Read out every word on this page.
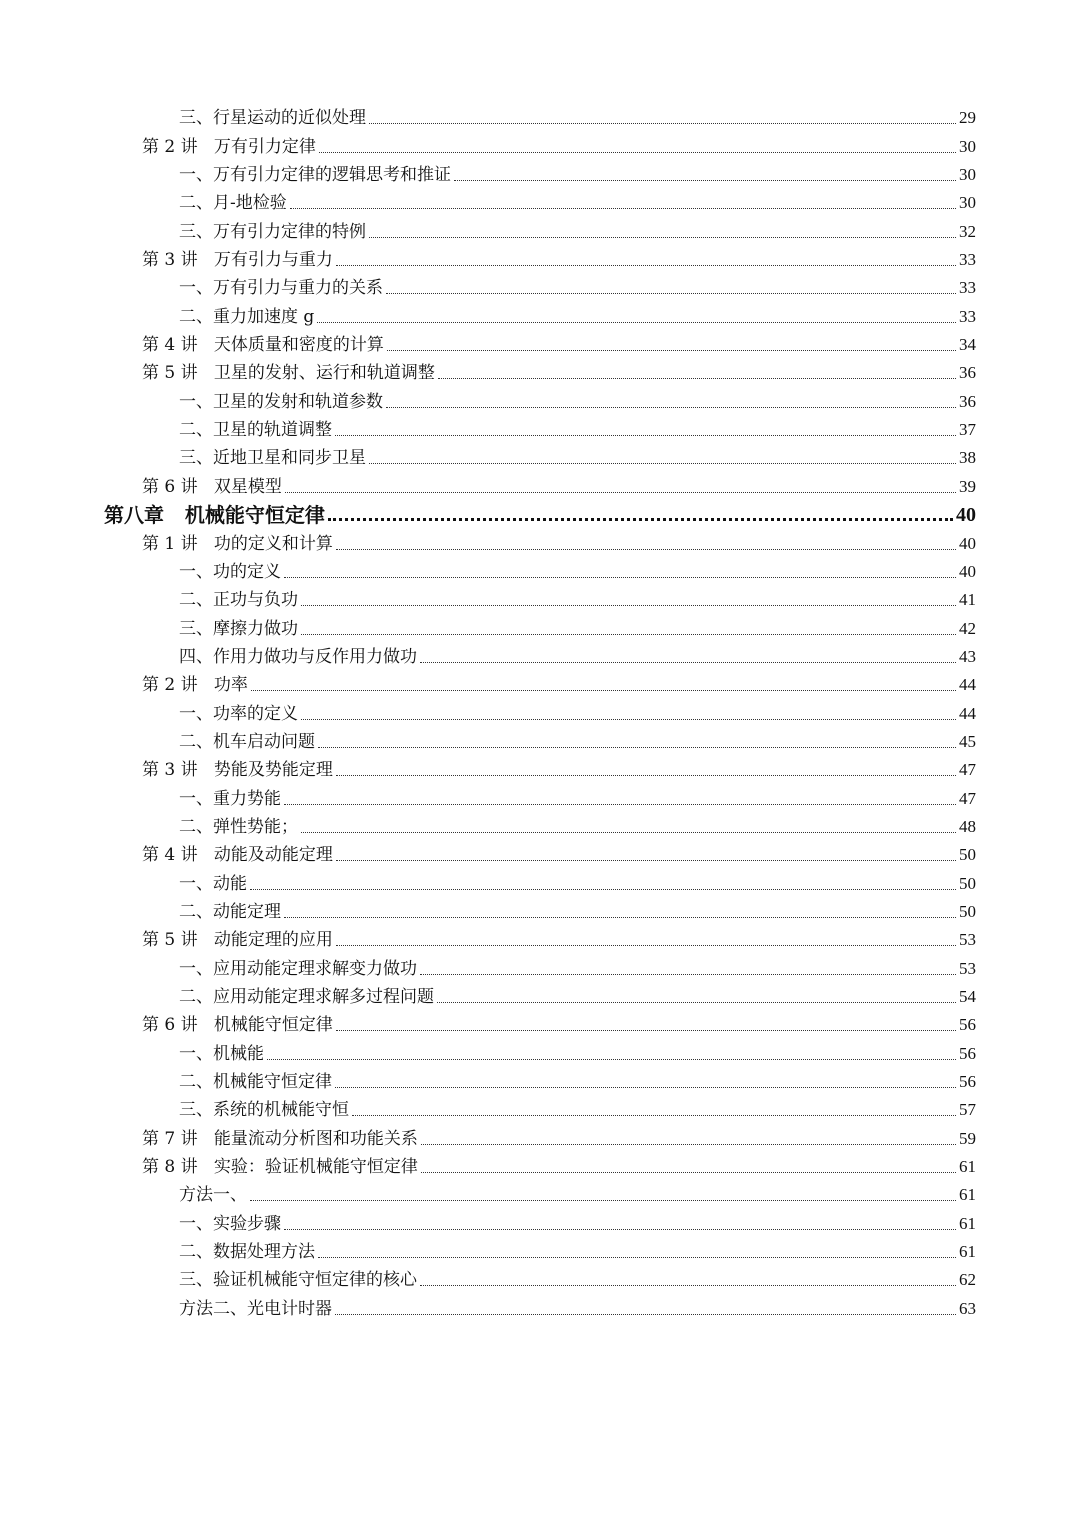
三、行星运动的近似处理	29
第 2 讲   万有引力定律	30
一、万有引力定律的逻辑思考和推证	30
二、月-地检验	30
三、万有引力定律的特例	32
第 3 讲   万有引力与重力	33
一、万有引力与重力的关系	33
二、重力加速度 g	33
第 4 讲   天体质量和密度的计算	34
第 5 讲   卫星的发射、运行和轨道调整	36
一、卫星的发射和轨道参数	36
二、卫星的轨道调整	37
三、近地卫星和同步卫星	38
第 6 讲   双星模型	39
第八章   机械能守恒定律	40
第 1 讲   功的定义和计算	40
一、功的定义	40
二、正功与负功	41
三、摩擦力做功	42
四、作用力做功与反作用力做功	43
第 2 讲   功率	44
一、功率的定义	44
二、机车启动问题	45
第 3 讲   势能及势能定理	47
一、重力势能	47
二、弹性势能；	48
第 4 讲   动能及动能定理	50
一、动能	50
二、动能定理	50
第 5 讲   动能定理的应用	53
一、应用动能定理求解变力做功	53
二、应用动能定理求解多过程问题	54
第 6 讲   机械能守恒定律	56
一、机械能	56
二、机械能守恒定律	56
三、系统的机械能守恒	57
第 7 讲   能量流动分析图和功能关系	59
第 8 讲   实验：验证机械能守恒定律	61
方法一、	61
一、实验步骤	61
二、数据处理方法	61
三、验证机械能守恒定律的核心	62
方法二、光电计时器	63
